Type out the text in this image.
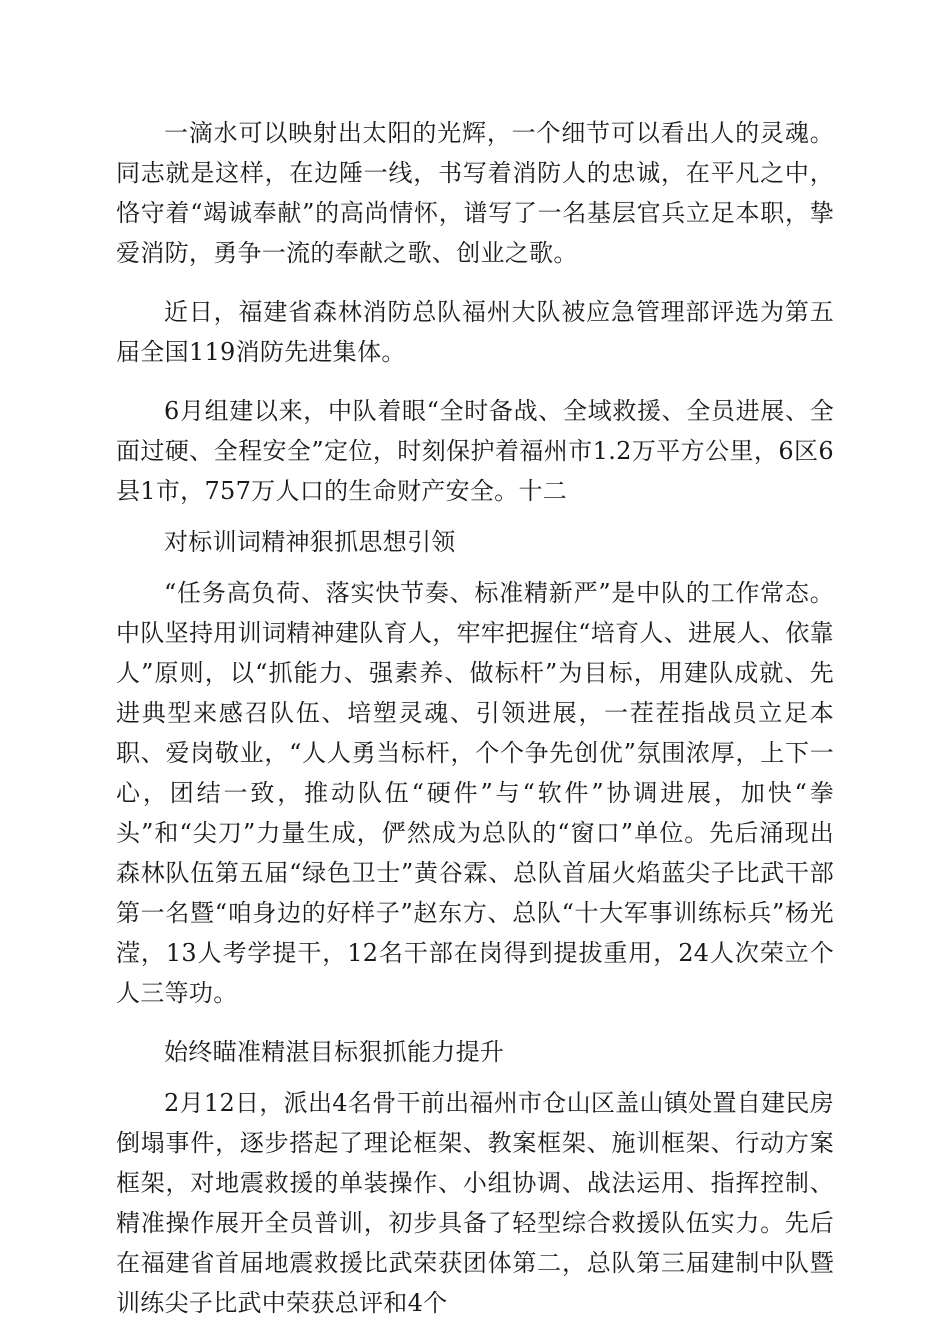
一滴水可以映射出太阳的光辉，一个细节可以看出人的灵魂。同志就是这样，在边陲一线，书写着消防人的忠诚，在平凡之中，恪守着“竭诚奉献”的高尚情怀，谱写了一名基层官兵立足本职，挚爱消防，勇争一流的奉献之歌、创业之歌。

近日，福建省森林消防总队福州大队被应急管理部评选为第五届全国119消防先进集体。

6月组建以来，中队着眼“全时备战、全域救援、全员进展、全面过硬、全程安全”定位，时刻保护着福州市1.2万平方公里，6区6县1市，757万人口的生命财产安全。十二

对标训词精神狠抓思想引领

“任务高负荷、落实快节奏、标准精新严”是中队的工作常态。中队坚持用训词精神建队育人，牢牢把握住“培育人、进展人、依靠人”原则，以“抓能力、强素养、做标杆”为目标，用建队成就、先进典型来感召队伍、培塑灵魂、引领进展，一茬茬指战员立足本职、爱岗敬业，“人人勇当标杆，个个争先创优”氛围浓厚，上下一心，团结一致，推动队伍“硬件”与“软件”协调进展，加快“拳头”和“尖刀”力量生成，俨然成为总队的“窗口”单位。先后涌现出森林队伍第五届“绿色卫士”黄谷霖、总队首届火焰蓝尖子比武干部第一名暨“咱身边的好样子”赵东方、总队“十大军事训练标兵”杨光滢，13人考学提干，12名干部在岗得到提拔重用，24人次荣立个人三等功。

始终瞄准精湛目标狠抓能力提升

2月12日，派出4名骨干前出福州市仓山区盖山镇处置自建民房倒塌事件，逐步搭起了理论框架、教案框架、施训框架、行动方案框架，对地震救援的单装操作、小组协调、战法运用、指挥控制、精准操作展开全员普训，初步具备了轻型综合救援队伍实力。先后在福建省首届地震救援比武荣获团体第二，总队第三届建制中队暨训练尖子比武中荣获总评和4个
